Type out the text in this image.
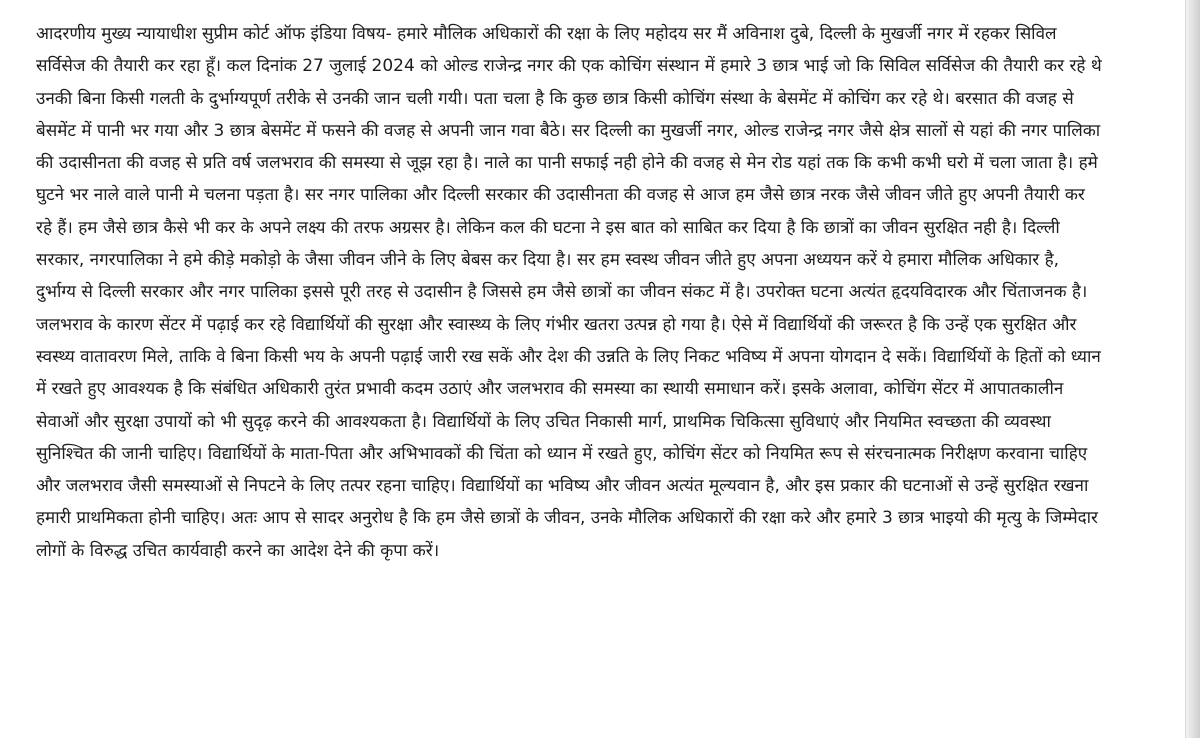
आदरणीय मुख्य न्यायाधीश सुप्रीम कोर्ट ऑफ इंडिया विषय- हमारे मौलिक अधिकारों की रक्षा के लिए महोदय सर मैं अविनाश दुबे, दिल्ली के मुखर्जी नगर में रहकर सिविल सर्विसेज की तैयारी कर रहा हूँ। कल दिनांक 27 जुलाई 2024 को ओल्ड राजेन्द्र नगर की एक कोचिंग संस्थान में हमारे 3 छात्र भाई जो कि सिविल सर्विसेज की तैयारी कर रहे थे उनकी बिना किसी गलती के दुर्भाग्यपूर्ण तरीके से उनकी जान चली गयी। पता चला है कि कुछ छात्र किसी कोचिंग संस्था के बेसमेंट में कोचिंग कर रहे थे। बरसात की वजह से बेसमेंट में पानी भर गया और 3 छात्र बेसमेंट में फसने की वजह से अपनी जान गवा बैठे। सर दिल्ली का मुखर्जी नगर, ओल्ड राजेन्द्र नगर जैसे क्षेत्र सालों से यहां की नगर पालिका की उदासीनता की वजह से प्रति वर्ष जलभराव की समस्या से जूझ रहा है। नाले का पानी सफाई नही होने की वजह से मेन रोड यहां तक कि कभी कभी घरो में चला जाता है। हमे घुटने भर नाले वाले पानी मे चलना पड़ता है। सर नगर पालिका और दिल्ली सरकार की उदासीनता की वजह से आज हम जैसे छात्र नरक जैसे जीवन जीते हुए अपनी तैयारी कर रहे हैं। हम जैसे छात्र कैसे भी कर के अपने लक्ष्य की तरफ अग्रसर है। लेकिन कल की घटना ने इस बात को साबित कर दिया है कि छात्रों का जीवन सुरक्षित नही है। दिल्ली सरकार, नगरपालिका ने हमे कीड़े मकोड़ो के जैसा जीवन जीने के लिए बेबस कर दिया है। सर हम स्वस्थ जीवन जीते हुए अपना अध्ययन करें ये हमारा मौलिक अधिकार है, दुर्भाग्य से दिल्ली सरकार और नगर पालिका इससे पूरी तरह से उदासीन है जिससे हम जैसे छात्रों का जीवन संकट में है। उपरोक्त घटना अत्यंत हृदयविदारक और चिंताजनक है। जलभराव के कारण सेंटर में पढ़ाई कर रहे विद्यार्थियों की सुरक्षा और स्वास्थ्य के लिए गंभीर खतरा उत्पन्न हो गया है। ऐसे में विद्यार्थियों की जरूरत है कि उन्हें एक सुरक्षित और स्वस्थ्य वातावरण मिले, ताकि वे बिना किसी भय के अपनी पढ़ाई जारी रख सकें और देश की उन्नति के लिए निकट भविष्य में अपना योगदान दे सकें। विद्यार्थियों के हितों को ध्यान में रखते हुए आवश्यक है कि संबंधित अधिकारी तुरंत प्रभावी कदम उठाएं और जलभराव की समस्या का स्थायी समाधान करें। इसके अलावा, कोचिंग सेंटर में आपातकालीन सेवाओं और सुरक्षा उपायों को भी सुदृढ़ करने की आवश्यकता है। विद्यार्थियों के लिए उचित निकासी मार्ग, प्राथमिक चिकित्सा सुविधाएं और नियमित स्वच्छता की व्यवस्था सुनिश्चित की जानी चाहिए। विद्यार्थियों के माता-पिता और अभिभावकों की चिंता को ध्यान में रखते हुए, कोचिंग सेंटर को नियमित रूप से संरचनात्मक निरीक्षण करवाना चाहिए और जलभराव जैसी समस्याओं से निपटने के लिए तत्पर रहना चाहिए। विद्यार्थियों का भविष्य और जीवन अत्यंत मूल्यवान है, और इस प्रकार की घटनाओं से उन्हें सुरक्षित रखना हमारी प्राथमिकता होनी चाहिए। अतः आप से सादर अनुरोध है कि हम जैसे छात्रों के जीवन, उनके मौलिक अधिकारों की रक्षा करे और हमारे 3 छात्र भाइयो की मृत्यु के जिम्मेदार लोगों के विरुद्ध उचित कार्यवाही करने का आदेश देने की कृपा करें।
